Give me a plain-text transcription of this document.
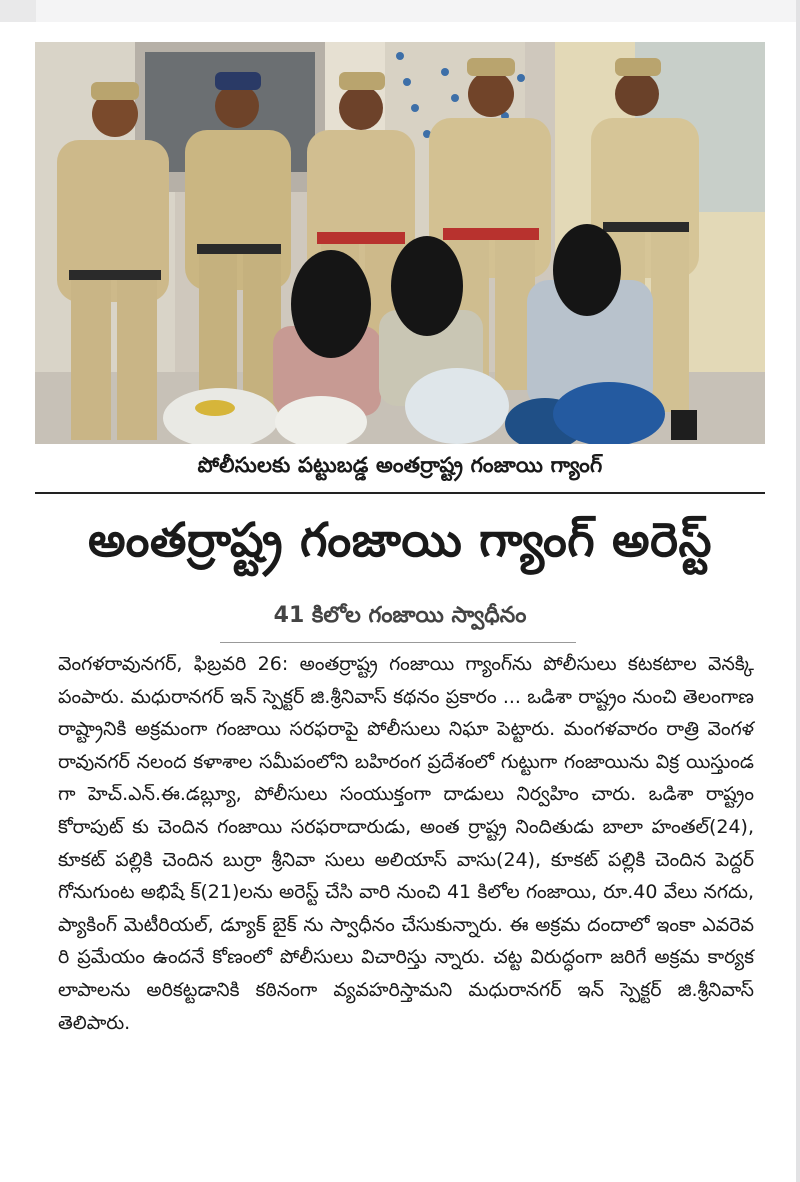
పోలీసులకు పట్టుబడ్డ అంతర్రాష్ట్ర గంజాయి గ్యాంగ్
అంతర్రాష్ట్ర గంజాయి గ్యాంగ్ అరెస్ట్
41 కిలోల గంజాయి స్వాధీనం

వెంగళరావునగర్, ఫిబ్రవరి 26: అంతర్రాష్ట్ర గంజాయి గ్యాంగ్‌ను పోలీసులు కటకటాల వెనక్కి పంపారు. మధురానగర్ ఇన్ స్పెక్టర్ జి.శ్రీనివాస్ కథనం ప్రకారం ... ఒడిశా రాష్ట్రం నుంచి తెలంగాణ రాష్ట్రానికి అక్రమంగా గంజాయి సరఫరాపై పోలీసులు నిఘా పెట్టారు. మంగళవారం రాత్రి వెంగళరావునగర్ నలంద కళాశాల సమీపంలోని బహిరంగ ప్రదేశంలో గుట్టుగా గంజాయిను విక్ర యిస్తుండగా హెచ్.ఎన్.ఈ.డబ్ల్యూ, పోలీసులు సంయుక్తంగా దాడులు నిర్వహిం చారు. ఒడిశా రాష్ట్రం కోరాపుట్ కు చెందిన గంజాయి సరఫరాదారుడు, అంత ర్రాష్ట్ర నిందితుడు బాలా హంతల్(24), కూకట్ పల్లికి చెందిన బుర్రా శ్రీనివా సులు అలియాస్ వాసు(24), కూకట్ పల్లికి చెందిన పెద్దర్ గోనుగుంట అభిషే క్(21)లను అరెస్ట్ చేసి వారి నుంచి 41 కిలోల గంజాయి, రూ.40 వేలు నగదు, ప్యాకింగ్ మెటీరియల్, డ్యూక్ బైక్ ను స్వాధీనం చేసుకున్నారు. ఈ అక్రమ దందాలో ఇంకా ఎవరెవరి ప్రమేయం ఉందనే కోణంలో పోలీసులు విచారిస్తు న్నారు. చట్ట విరుద్ధంగా జరిగే అక్రమ కార్యకలాపాలను అరికట్టడానికి కఠినంగా వ్యవహరిస్తామని మధురానగర్ ఇన్ స్పెక్టర్ జి.శ్రీనివాస్ తెలిపారు.
